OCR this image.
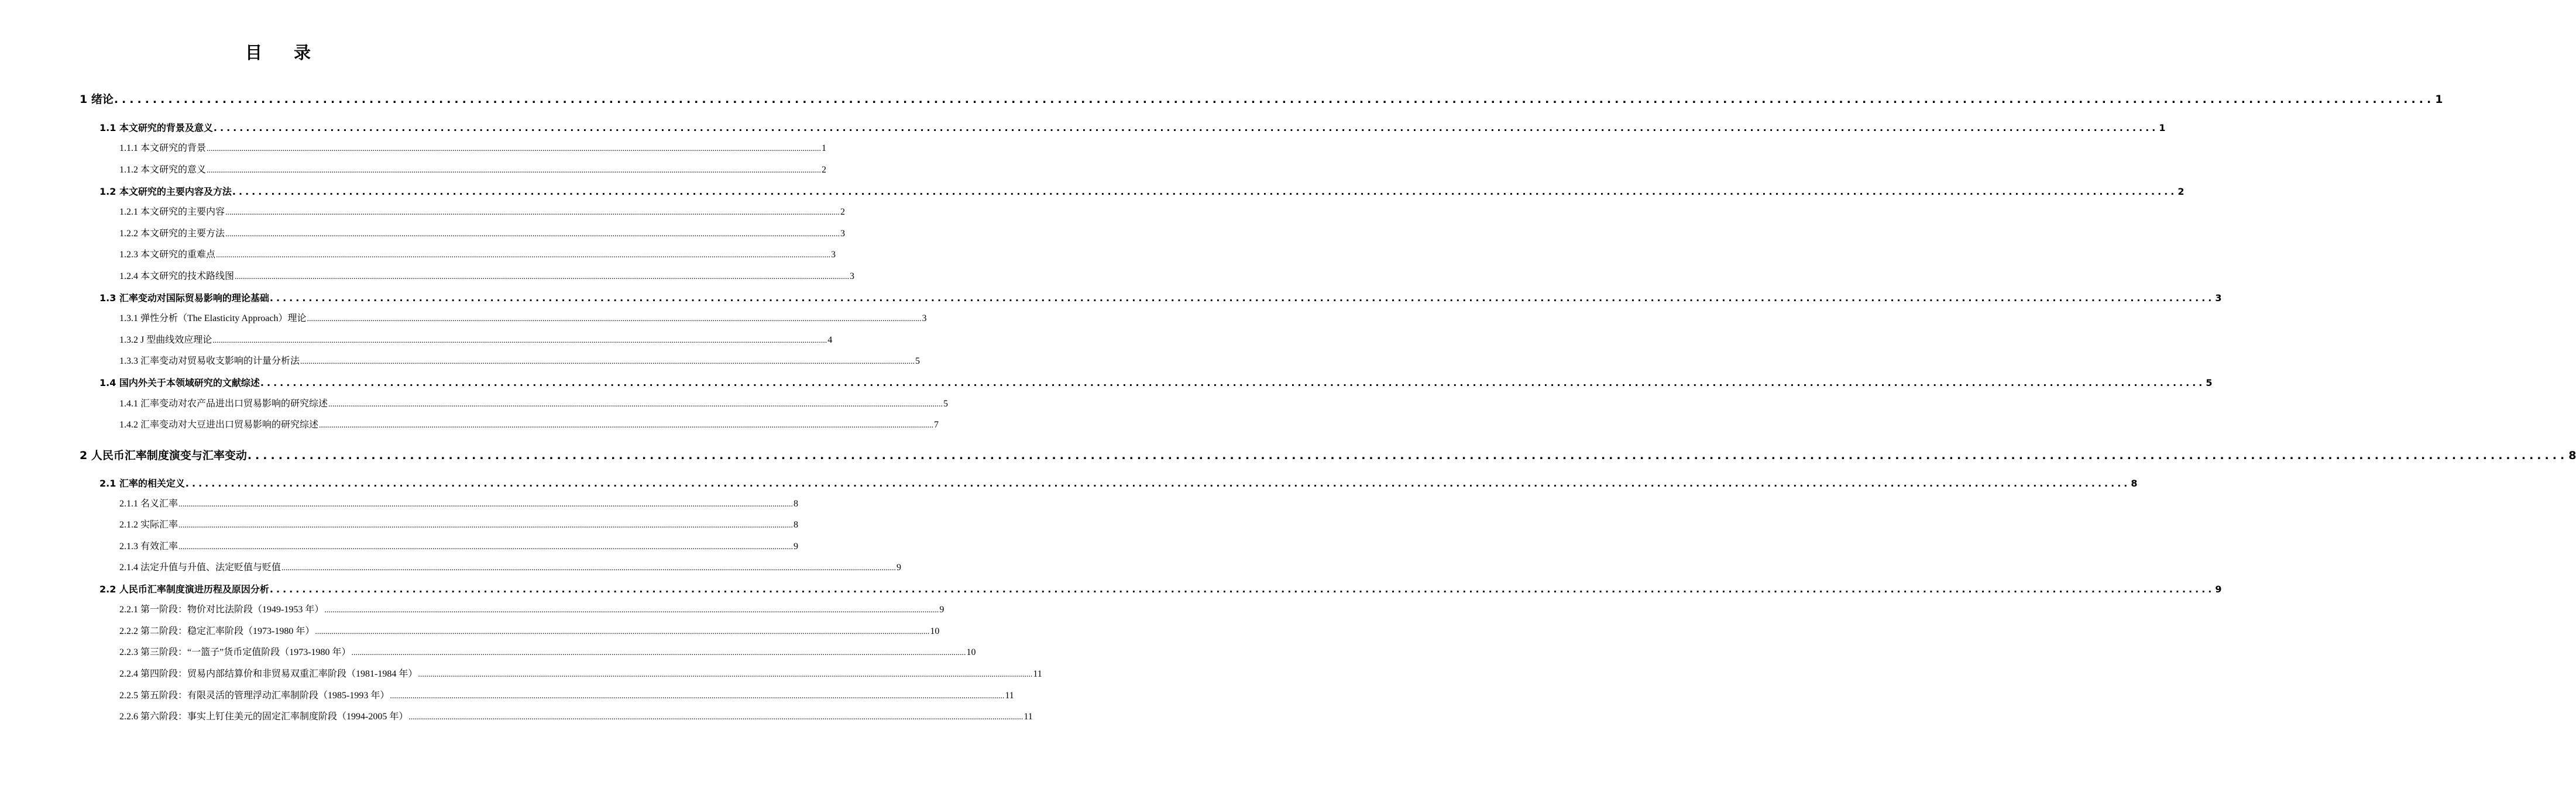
目 录
1 绪论 ............................................................................................................................................................................................................................................................................................................ 1
1.1 本文研究的背景及意义 ............................................................................................................................................................................................................................................................................................................ 1
1.1.1 本文研究的背景 ............................................................................................................................................................................................................................................................................................................ 1
1.1.2 本文研究的意义 ............................................................................................................................................................................................................................................................................................................ 2
1.2 本文研究的主要内容及方法 ............................................................................................................................................................................................................................................................................................................ 2
1.2.1 本文研究的主要内容 ............................................................................................................................................................................................................................................................................................................ 2
1.2.2 本文研究的主要方法 ............................................................................................................................................................................................................................................................................................................ 3
1.2.3 本文研究的重难点 ............................................................................................................................................................................................................................................................................................................ 3
1.2.4 本文研究的技术路线图 ............................................................................................................................................................................................................................................................................................................ 3
1.3 汇率变动对国际贸易影响的理论基础 ............................................................................................................................................................................................................................................................................................................ 3
1.3.1 弹性分析（The Elasticity Approach）理论 ............................................................................................................................................................................................................................................................................................................ 3
1.3.2 J 型曲线效应理论 ............................................................................................................................................................................................................................................................................................................ 4
1.3.3 汇率变动对贸易收支影响的计量分析法 ............................................................................................................................................................................................................................................................................................................ 5
1.4 国内外关于本领域研究的文献综述 ............................................................................................................................................................................................................................................................................................................ 5
1.4.1 汇率变动对农产品进出口贸易影响的研究综述 ............................................................................................................................................................................................................................................................................................................ 5
1.4.2 汇率变动对大豆进出口贸易影响的研究综述 ............................................................................................................................................................................................................................................................................................................ 7
2 人民币汇率制度演变与汇率变动 ............................................................................................................................................................................................................................................................................................................ 8
2.1 汇率的相关定义 ............................................................................................................................................................................................................................................................................................................ 8
2.1.1 名义汇率 ............................................................................................................................................................................................................................................................................................................ 8
2.1.2 实际汇率 ............................................................................................................................................................................................................................................................................................................ 8
2.1.3 有效汇率 ............................................................................................................................................................................................................................................................................................................ 9
2.1.4 法定升值与升值、法定贬值与贬值 ............................................................................................................................................................................................................................................................................................................ 9
2.2 人民币汇率制度演进历程及原因分析 ............................................................................................................................................................................................................................................................................................................ 9
2.2.1 第一阶段：物价对比法阶段（1949-1953 年） ............................................................................................................................................................................................................................................................................................................ 9
2.2.2 第二阶段：稳定汇率阶段（1973-1980 年） ............................................................................................................................................................................................................................................................................................................ 10
2.2.3 第三阶段：“一篮子”货币定值阶段（1973-1980 年） ............................................................................................................................................................................................................................................................................................................ 10
2.2.4 第四阶段：贸易内部结算价和非贸易双重汇率阶段（1981-1984 年） ............................................................................................................................................................................................................................................................................................................ 11
2.2.5 第五阶段：有限灵活的管理浮动汇率制阶段（1985-1993 年） ............................................................................................................................................................................................................................................................................................................ 11
2.2.6 第六阶段：事实上钉住美元的固定汇率制度阶段（1994-2005 年） ............................................................................................................................................................................................................................................................................................................ 11
